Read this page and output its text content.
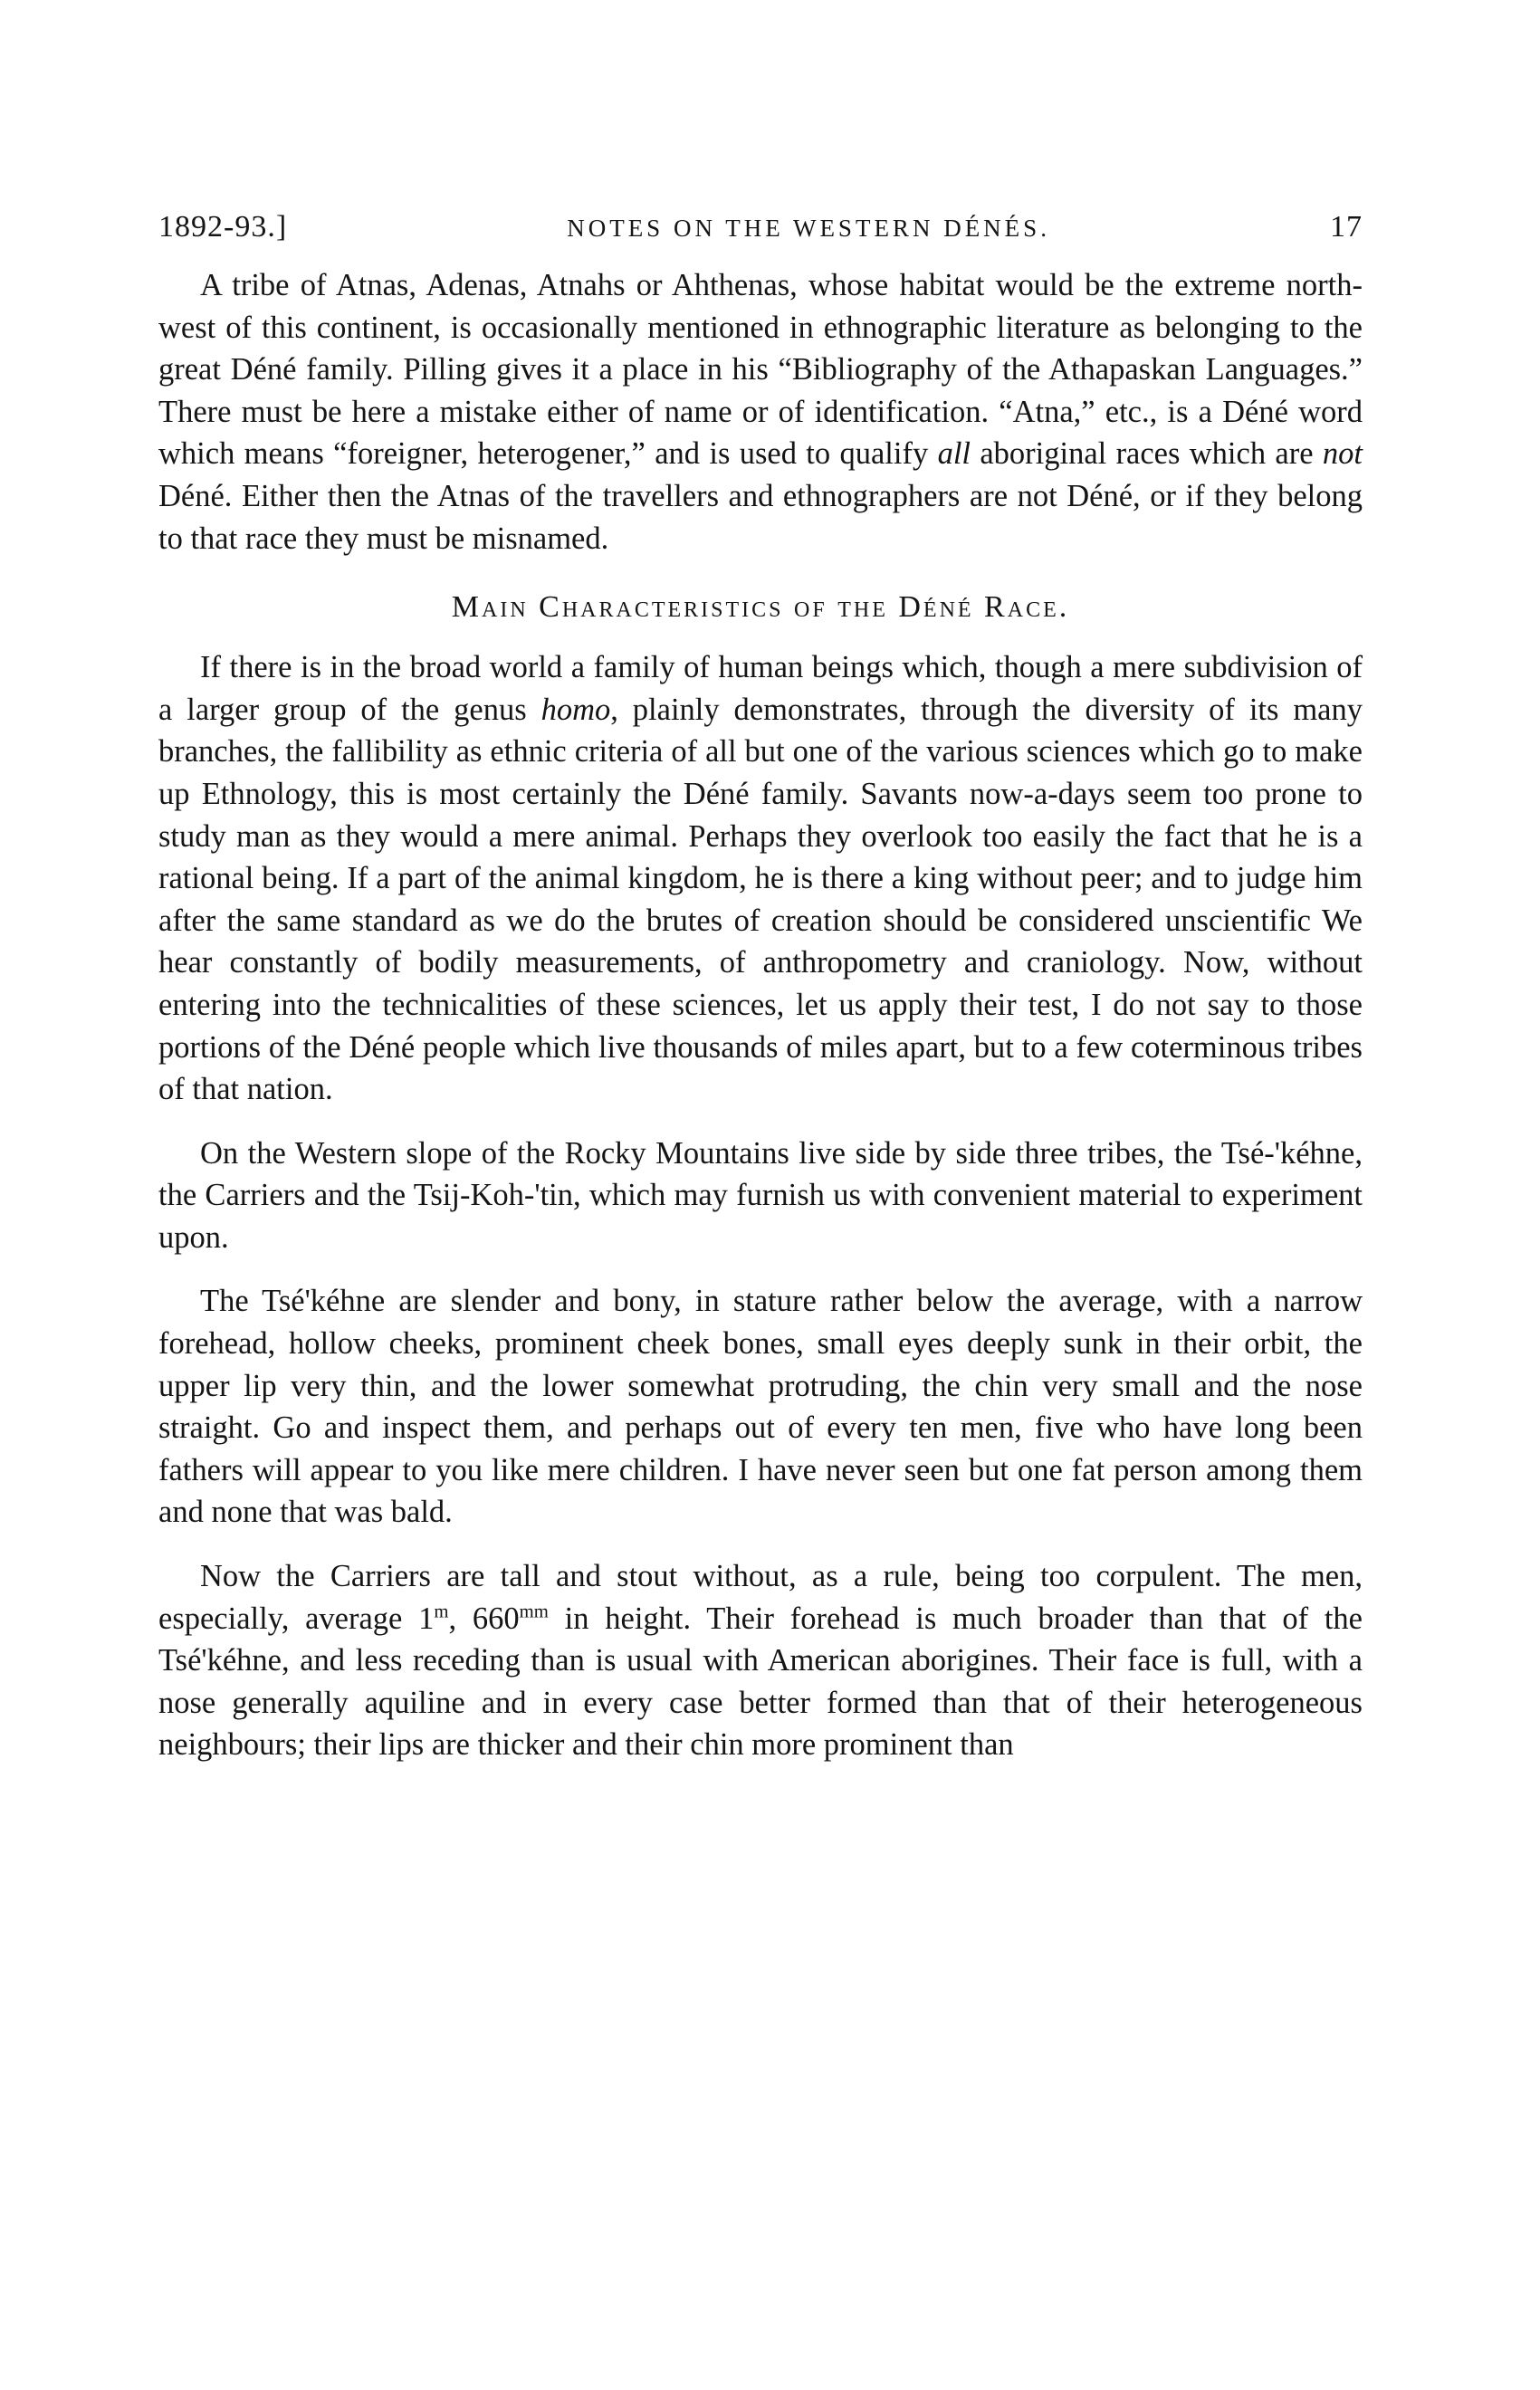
1892-93.]	NOTES ON THE WESTERN DÉNÉS.	17

A tribe of Atnas, Adenas, Atnahs or Ahthenas, whose habitat would be the extreme north-west of this continent, is occasionally mentioned in ethnographic literature as belonging to the great Déné family. Pilling gives it a place in his “Bibliography of the Athapaskan Languages.” There must be here a mistake either of name or of identification. “Atna,” etc., is a Déné word which means “foreigner, heterogener,” and is used to qualify all aboriginal races which are not Déné. Either then the Atnas of the travellers and ethnographers are not Déné, or if they belong to that race they must be misnamed.

Main Characteristics of the Déné Race.

If there is in the broad world a family of human beings which, though a mere subdivision of a larger group of the genus homo, plainly demonstrates, through the diversity of its many branches, the fallibility as ethnic criteria of all but one of the various sciences which go to make up Ethnology, this is most certainly the Déné family. Savants now-a-days seem too prone to study man as they would a mere animal. Perhaps they overlook too easily the fact that he is a rational being. If a part of the animal kingdom, he is there a king without peer; and to judge him after the same standard as we do the brutes of creation should be considered unscientific We hear constantly of bodily measurements, of anthropometry and craniology. Now, without entering into the technicalities of these sciences, let us apply their test, I do not say to those portions of the Déné people which live thousands of miles apart, but to a few coterminous tribes of that nation.

On the Western slope of the Rocky Mountains live side by side three tribes, the Tsé-'kéhne, the Carriers and the Tsij-Koh-'tin, which may furnish us with convenient material to experiment upon.

The Tsé'kéhne are slender and bony, in stature rather below the average, with a narrow forehead, hollow cheeks, prominent cheek bones, small eyes deeply sunk in their orbit, the upper lip very thin, and the lower somewhat protruding, the chin very small and the nose straight. Go and inspect them, and perhaps out of every ten men, five who have long been fathers will appear to you like mere children. I have never seen but one fat person among them and none that was bald.

Now the Carriers are tall and stout without, as a rule, being too corpulent. The men, especially, average 1$^m$, $660^{mm}$ in height. Their forehead is much broader than that of the Tsé'kéhne, and less receding than is usual with American aborigines. Their face is full, with a nose generally aquiline and in every case better formed than that of their heterogeneous neighbours; their lips are thicker and their chin more prominent than
